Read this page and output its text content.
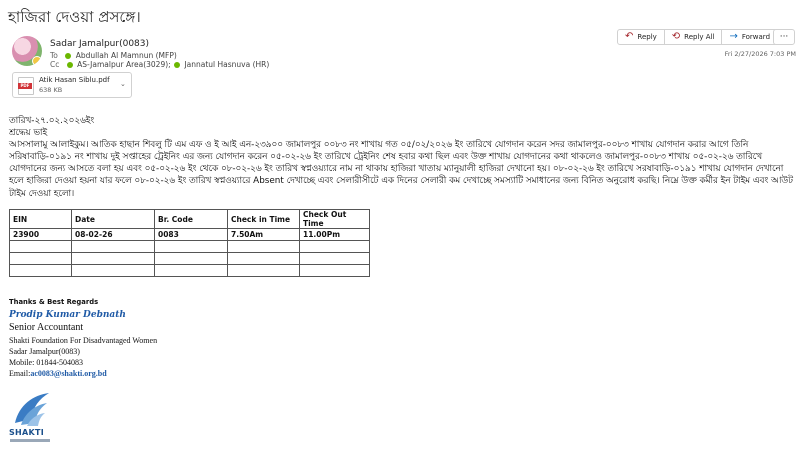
হাজিরা দেওয়া প্রসঙ্গে।
Sadar Jamalpur(0083)
To Abdullah Al Mamnun (MFP)
Cc AS-Jamalpur Area(3029); Jannatul Hasnuva (HR)
PDF
Atik Hasan Siblu.pdf
638 KB
⌄
↶ Reply ⟲ Reply All → Forward	···
Fri 2/27/2026 7:03 PM

তারিখ-২৭.০২.২০২৬ইং

শ্রদ্ধেয় ভাই

আসসালামু আলাইকুম। আতিক হাছান শিবলু টি এম এফ ও ই আই এন-২৩৯০০ জামালপুর ০০৮৩ নং শাখায় গত ০৫/০২/২০২৬ ইং তারিখে যোগদান করেন সদর জামালপুর-০০৮৩ শাখায় যোগদান করার আগে তিনি সরিষাবাড়ি-০১৯১ নং শাখায় দুই সপ্তাহের ট্রেইনিং এর জন্য যোগদান করেন ০৫-০২-২৬ ইং তারিখে ট্রেইনিং শেষ হবার কথা ছিল এবং উক্ত শাখায় যোগদানের কথা থাকলেও জামালপুর-০০৮৩ শাখায় ০৫-০২-২৬ তারিখে যোগদানের জন্য আসতে বলা হয় এবং ০৫-০২-২৬ ইং থেকে ০৮-০২-২৬ ইং তারিখ স্বপ্নওয়্যারে নাম না থাকায় হাজিরা খাতায় ম্যানুয়ালী হাজিরা দেখানো হয়। ০৮-০২-২৬ ইং তারিখে সরষাবাড়ি-০১৯১ শাখায় যোগদান দেখানো হলে হাজিরা দেওয়া হয়না যার ফলে ০৮-০২-২৬ ইং তারিখ স্বপ্নওয়্যারে Absent দেখাচ্ছে এবং সেলারীসীটে এক দিনের সেলারী কম দেখাচ্ছে সমস্যাটি সমাধানের জন্য বিনিত অনুরোধ করছি। নিম্নে উক্ত কর্মীর ইন টাইম এবং আউট টাইম দেওয়া হলো।

EIN	Date	Br. Code	Check in Time	Check Out Time
23900	08-02-26	0083	7.50Am	11.00Pm

Thanks & Best Regards
Prodip Kumar Debnath
Senior Accountant
Shakti Foundation For Disadvantaged Women
Sadar Jamalpur(0083)
Mobile: 01844-504083
Email:ac0083@shakti.org.bd
SHAKTI
